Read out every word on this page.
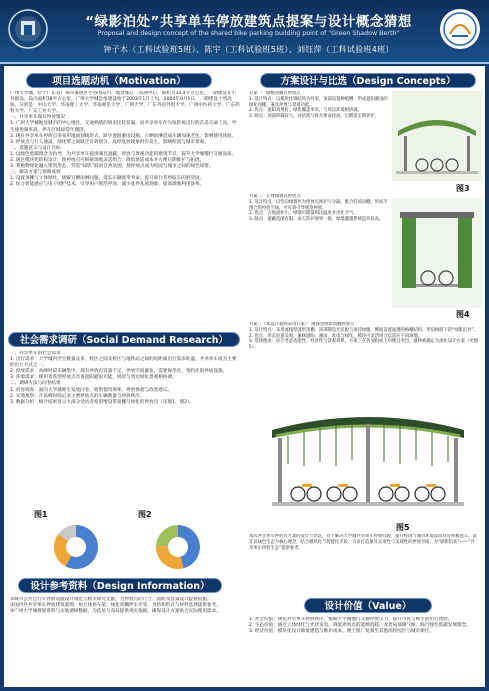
“绿影泊处”共享单车停放建筑点提案与设计概念猜想
Proposal and design concept of the shared bike parking building point of "Green Shadow Berth"
钟子木（工科试验班5班）、陈宇（工科试验班5班）、刘钰萍（工科试验班4班）
项目选题动机（Motivation）
广州大学城，位于广东省广州市番禺区小谷围岛内，地处珠江三角洲中心，面积为34.4平方公里，一期建设在小谷围岛，岛内面积18平方公里。广州大学城总体建设始于2003年1月上旬，2004年9月1日，一期建设十所高校，分别是：中山大学、华南理工大学、华南师范大学、广州大学、广东外语外贸大学、广州中医药大学、广东药科大学、广东工业大学。
一、共享单车现有停放情况
1. 广州大学城地处城市的中心地区，交通拥堵的情况比较普遍，而共享单车作为短距离出行的首选交通工具，学生使用频率高，停车区域却常年拥挤。
2. 现有共享单车停放点多采用地面划线形式，缺少遮阳避雨设施，日晒雨淋造成车辆加速老化，影响使用体验。
3. 停放点与行人通道、绿化带之间缺乏有效划分，乱停乱放现象时有发生，影响校园与城市景观。
二、选题意义与设计目标
1. 以绿色低碳理念为指导，为共享单车提供兼具遮蔽、停放与景观功能的建筑节点，提升大学城慢行交通品质。
2. 通过模块化结构设计，使停放点可根据场地灵活组合，降低建造成本并方便后期维护与拓展。
3. 将植物绿化融入建筑形态，营造“绿影”般的自然氛围，使停放点成为校园与城市之间的绿色纽带。
三、解决方案与预期成效
1. 设置顶棚与立体绿化，缓解日晒雨淋问题，延长车辆使用寿命，提升骑行者停取车的舒适度。
2. 结合智能感应与电子围栏技术，引导用户规范停放，减少乱停乱放现象，提高场地利用效率。
社会需求调研（Social Demand Research）
一、共享单车的社会需求
1. 出行需求：大学城内学生数量众多，校区之间及校区与地铁站之间的短距离出行需求旺盛，共享单车成为主要的出行方式之一。
2. 停放需求：高峰时段车辆集中，现有停放点容量不足，停放空间紧张，需要规范化、集约化的停放设施。
3. 环境需求：使用者希望停放点具备遮阳避雨功能，同时与周边绿化景观相协调。
二、调研方法与问卷结果
1. 问卷调查：面向大学城师生发放问卷，收集使用频率、停放体验与改进建议。
2. 实地观察：在高峰时段记录主要停放点的车辆数量与停放秩序。
3. 数据分析：统计结果显示大部分受访者希望增设带顶棚与绿化的停放点（见图1、图2）。
图1	图2
设计参考资料（Design Information）
①城市公共自行车停放设施设计规范与相关研究文献，为停放点的尺寸、间距及容量设计提供依据。
②国内外共享单车停放建筑案例，如立体停车架、绿化顶棚停车亭等，为结构形式与材料选择提供参考。
③广州大学城规划资料与实地调研数据，为选址与布局提供现实依据，确保设计方案贴合实际使用需求。
方案设计与比选（Design Concepts）
方案一：绿植顶棚式停放点
1. 设计特点：以模块化钢结构为骨架，顶部设置种植槽，形成遮阳避雨的绿化顶棚，兼具停放与景观功能。
2. 优点：遮阳效果好，绿化覆盖率高，与周边环境相协调。
3. 缺点：顶部荷载较大，对结构与排水要求较高，后期需定期养护。
图3
方案二：立体绿墙式停放点
1. 设计特点：以竖向绿墙作为停放点围护与分隔，配合轻质顶棚，形成半围合的停放空间，可有效引导规范停放。
2. 优点：占地面积小，绿墙可降低周边温度并净化空气。
3. 缺点：遮蔽范围有限，雨天防护效果一般，绿墙灌溉系统造价较高。
图4
方案三（本设计最终采用方案）：流线型绿影顶棚停放点
1. 设计特点：采用流线型弧形顶棚，顶部铺设光伏板与垂挂绿植，侧面设置通透的格栅结构，形似树荫下的“绿影泊处”。
2. 优点：形态轻盈美观，兼顾遮阳、避雨、发电与绿化，模块可灵活组合以适应不同场地。
3. 选择理由：综合考虑功能性、经济性与景观效果，方案三在各项指标上均衡且突出，最终被确定为深化设计方案（见图5）。
图5
本次共享单车停放点方案的设计与比选，对于解决大学城共享单车停放问题、提升校园与城市环境品质具有积极意义。设计以绿色生态为核心理念，结合模块化与智能化手段，力求打造兼具实用性与美观性的停放空间，为“绿影泊处”——“共享单车停放生态”提供参考。
设计价值（Value）
1. 社会价值：规范共享单车停放秩序，缓解大学城慢行交通停放压力，提升市民与师生的出行体验。
2. 生态价值：通过立体绿化与光伏发电，降低停放点的能源消耗，改善局部微气候，践行绿色低碳发展理念。
3. 经济价值：模块化设计降低建造与维护成本，便于推广复制至其他高校园区与城市街区。
